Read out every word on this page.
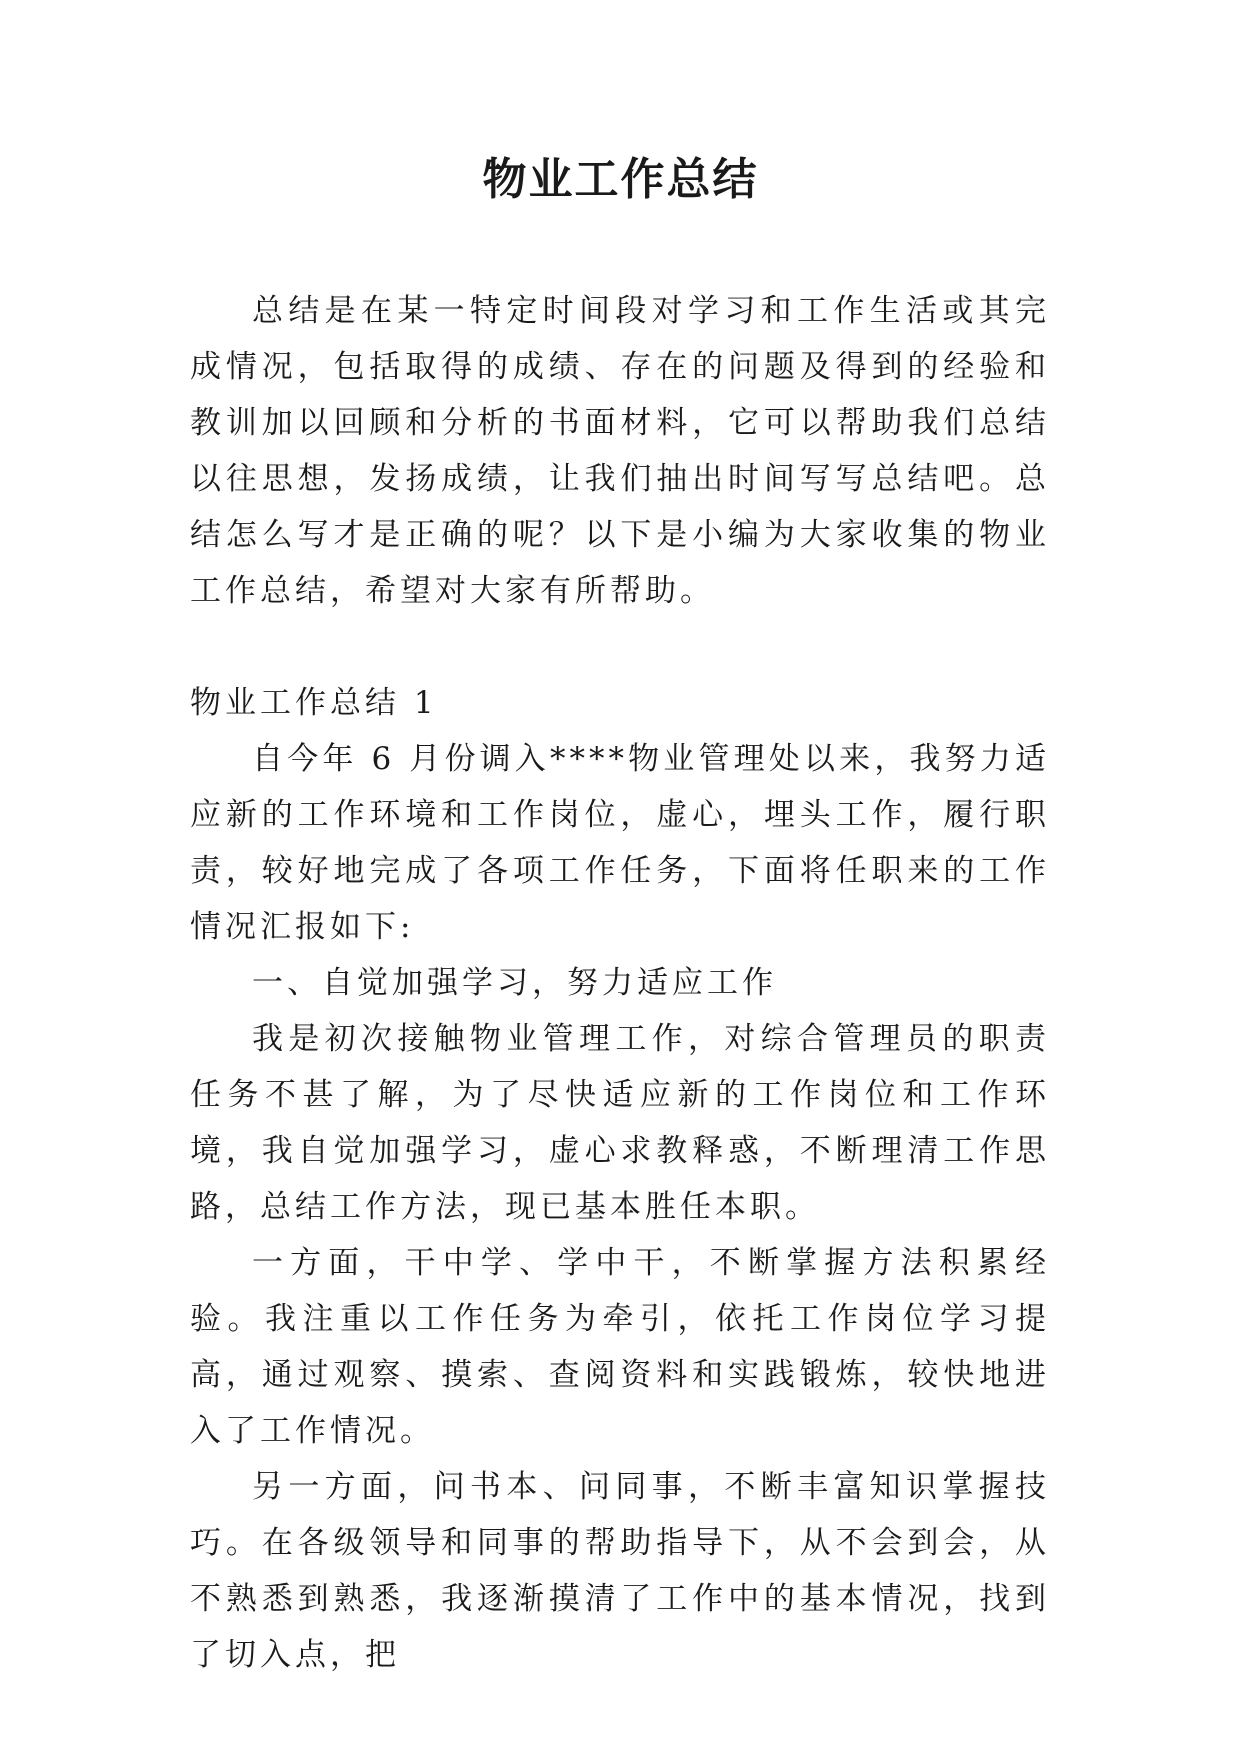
物业工作总结

总结是在某一特定时间段对学习和工作生活或其完成情况，包括取得的成绩、存在的问题及得到的经验和教训加以回顾和分析的书面材料，它可以帮助我们总结以往思想，发扬成绩，让我们抽出时间写写总结吧。总结怎么写才是正确的呢？以下是小编为大家收集的物业工作总结，希望对大家有所帮助。

物业工作总结 1

自今年 6 月份调入****物业管理处以来，我努力适应新的工作环境和工作岗位，虚心，埋头工作，履行职责，较好地完成了各项工作任务，下面将任职来的工作情况汇报如下:

一、自觉加强学习，努力适应工作

我是初次接触物业管理工作，对综合管理员的职责任务不甚了解，为了尽快适应新的工作岗位和工作环境，我自觉加强学习，虚心求教释惑，不断理清工作思路，总结工作方法，现已基本胜任本职。

一方面，干中学、学中干，不断掌握方法积累经验。我注重以工作任务为牵引，依托工作岗位学习提高，通过观察、摸索、查阅资料和实践锻炼，较快地进入了工作情况。

另一方面，问书本、问同事，不断丰富知识掌握技巧。在各级领导和同事的帮助指导下，从不会到会，从不熟悉到熟悉，我逐渐摸清了工作中的基本情况，找到了切入点，把
